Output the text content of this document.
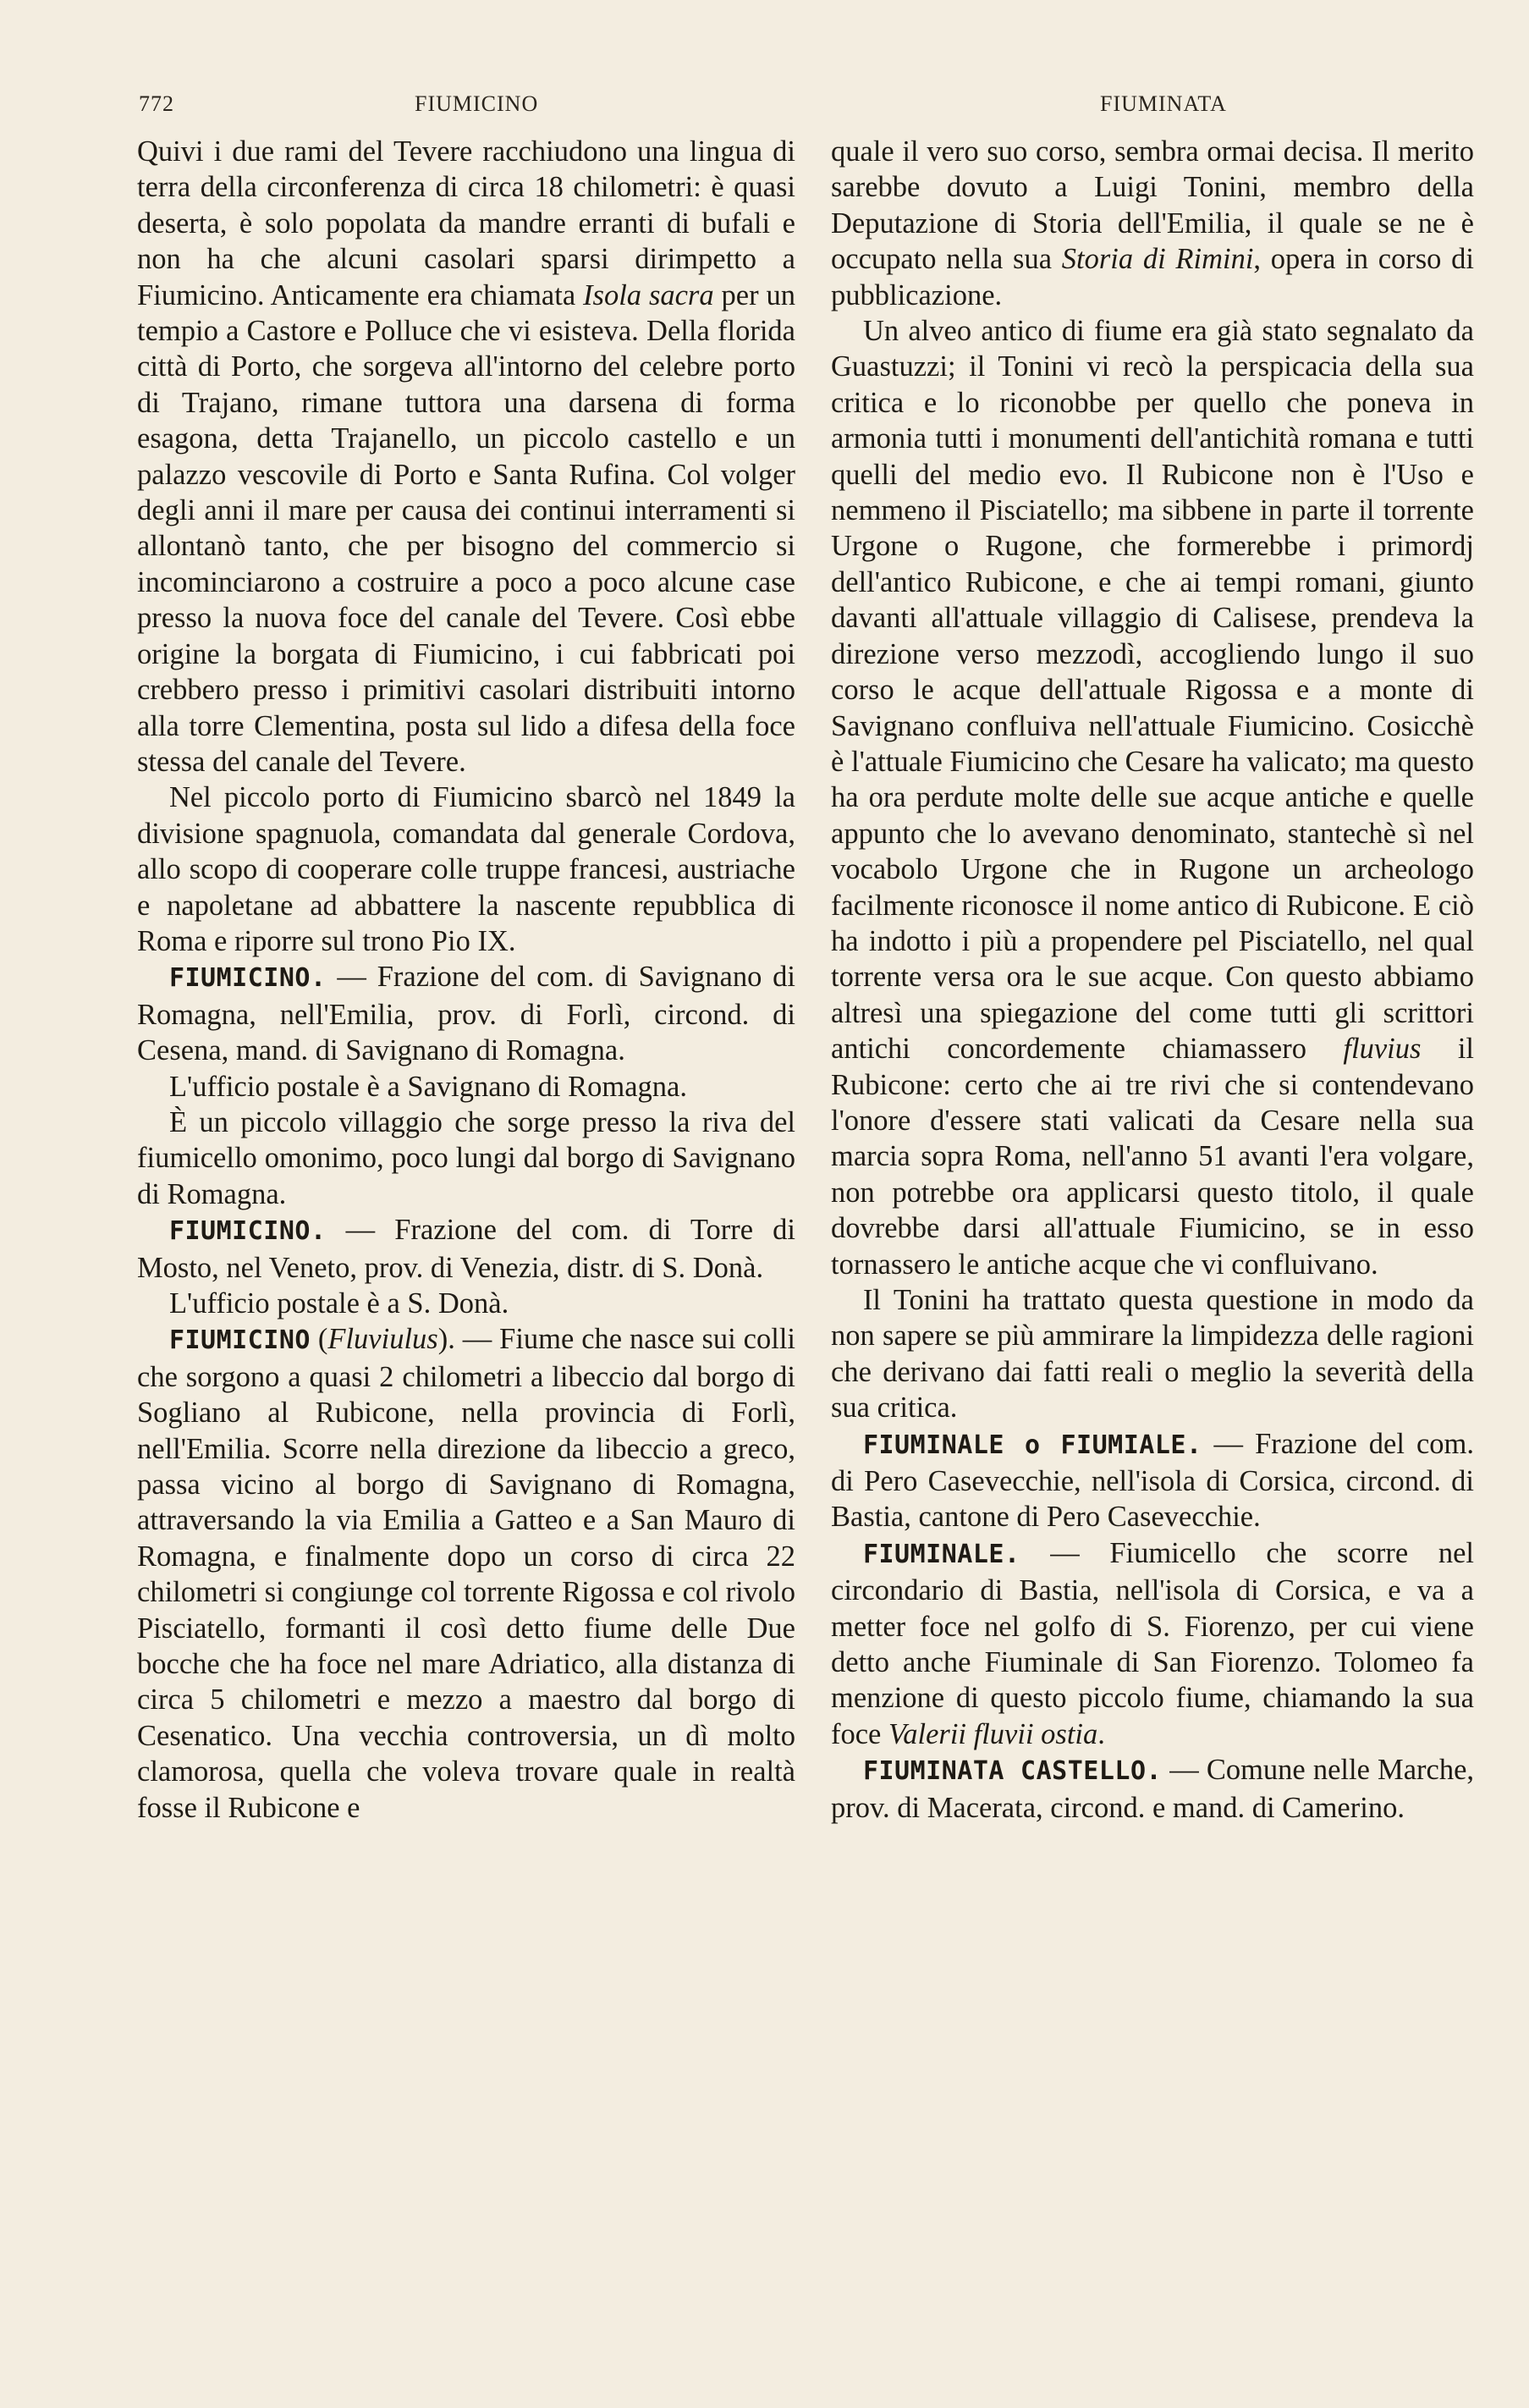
772	FIUMICINO	FIUMINATA

Quivi i due rami del Tevere racchiudono una lingua di terra della circonferenza di circa 18 chilometri: è quasi deserta, è solo popolata da mandre erranti di bufali e non ha che alcuni casolari sparsi dirimpetto a Fiumicino. Anticamente era chiamata Isola sacra per un tempio a Castore e Polluce che vi esisteva. Della florida città di Porto, che sorgeva all'intorno del celebre porto di Trajano, rimane tuttora una darsena di forma esagona, detta Trajanello, un piccolo castello e un palazzo vescovile di Porto e Santa Rufina. Col volger degli anni il mare per causa dei continui interramenti si allontanò tanto, che per bisogno del commercio si incominciarono a costruire a poco a poco alcune case presso la nuova foce del canale del Tevere. Così ebbe origine la borgata di Fiumicino, i cui fabbricati poi crebbero presso i primitivi casolari distribuiti intorno alla torre Clementina, posta sul lido a difesa della foce stessa del canale del Tevere.

Nel piccolo porto di Fiumicino sbarcò nel 1849 la divisione spagnuola, comandata dal generale Cordova, allo scopo di cooperare colle truppe francesi, austriache e napoletane ad abbattere la nascente repubblica di Roma e riporre sul trono Pio IX.

FIUMICINO. — Frazione del com. di Savignano di Romagna, nell'Emilia, prov. di Forlì, circond. di Cesena, mand. di Savignano di Romagna.

L'ufficio postale è a Savignano di Romagna.

È un piccolo villaggio che sorge presso la riva del fiumicello omonimo, poco lungi dal borgo di Savignano di Romagna.

FIUMICINO. — Frazione del com. di Torre di Mosto, nel Veneto, prov. di Venezia, distr. di S. Donà.

L'ufficio postale è a S. Donà.

FIUMICINO (Fluviulus). — Fiume che nasce sui colli che sorgono a quasi 2 chilometri a libeccio dal borgo di Sogliano al Rubicone, nella provincia di Forlì, nell'Emilia. Scorre nella direzione da libeccio a greco, passa vicino al borgo di Savignano di Romagna, attraversando la via Emilia a Gatteo e a San Mauro di Romagna, e finalmente dopo un corso di circa 22 chilometri si congiunge col torrente Rigossa e col rivolo Pisciatello, formanti il così detto fiume delle Due bocche che ha foce nel mare Adriatico, alla distanza di circa 5 chilometri e mezzo a maestro dal borgo di Cesenatico. Una vecchia controversia, un dì molto clamorosa, quella che voleva trovare quale in realtà fosse il Rubicone e

quale il vero suo corso, sembra ormai decisa. Il merito sarebbe dovuto a Luigi Tonini, membro della Deputazione di Storia dell'Emilia, il quale se ne è occupato nella sua Storia di Rimini, opera in corso di pubblicazione.

Un alveo antico di fiume era già stato segnalato da Guastuzzi; il Tonini vi recò la perspicacia della sua critica e lo riconobbe per quello che poneva in armonia tutti i monumenti dell'antichità romana e tutti quelli del medio evo. Il Rubicone non è l'Uso e nemmeno il Pisciatello; ma sibbene in parte il torrente Urgone o Rugone, che formerebbe i primordj dell'antico Rubicone, e che ai tempi romani, giunto davanti all'attuale villaggio di Calisese, prendeva la direzione verso mezzodì, accogliendo lungo il suo corso le acque dell'attuale Rigossa e a monte di Savignano confluiva nell'attuale Fiumicino. Cosicchè è l'attuale Fiumicino che Cesare ha valicato; ma questo ha ora perdute molte delle sue acque antiche e quelle appunto che lo avevano denominato, stantechè sì nel vocabolo Urgone che in Rugone un archeologo facilmente riconosce il nome antico di Rubicone. E ciò ha indotto i più a propendere pel Pisciatello, nel qual torrente versa ora le sue acque. Con questo abbiamo altresì una spiegazione del come tutti gli scrittori antichi concordemente chiamassero fluvius il Rubicone: certo che ai tre rivi che si contendevano l'onore d'essere stati valicati da Cesare nella sua marcia sopra Roma, nell'anno 51 avanti l'era volgare, non potrebbe ora applicarsi questo titolo, il quale dovrebbe darsi all'attuale Fiumicino, se in esso tornassero le antiche acque che vi confluivano.

Il Tonini ha trattato questa questione in modo da non sapere se più ammirare la limpidezza delle ragioni che derivano dai fatti reali o meglio la severità della sua critica.

FIUMINALE o FIUMIALE. — Frazione del com. di Pero Casevecchie, nell'isola di Corsica, circond. di Bastia, cantone di Pero Casevecchie.

FIUMINALE. — Fiumicello che scorre nel circondario di Bastia, nell'isola di Corsica, e va a metter foce nel golfo di S. Fiorenzo, per cui viene detto anche Fiuminale di San Fiorenzo. Tolomeo fa menzione di questo piccolo fiume, chiamando la sua foce Valerii fluvii ostia.

FIUMINATA CASTELLO. — Comune nelle Marche, prov. di Macerata, circond. e mand. di Camerino.
